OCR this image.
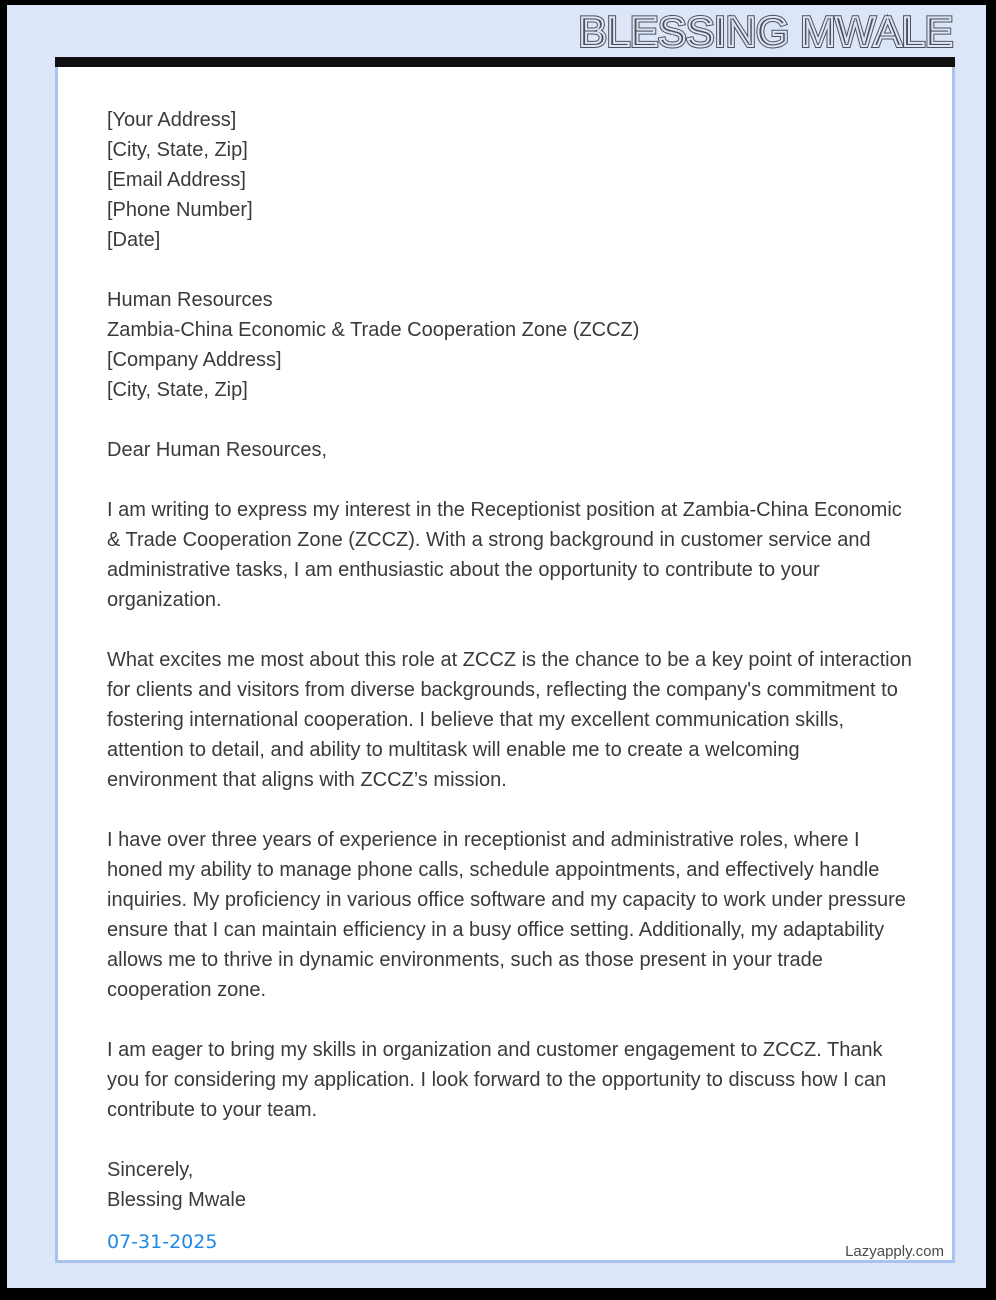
BLESSING MWALE BLESSING MWALE
[Your Address]
[City, State, Zip]
[Email Address]
[Phone Number]
[Date]
Human Resources
Zambia-China Economic & Trade Cooperation Zone (ZCCZ)
[Company Address]
[City, State, Zip]
Dear Human Resources,

I am writing to express my interest in the Receptionist position at Zambia-China Economic & Trade Cooperation Zone (ZCCZ). With a strong background in customer service and administrative tasks, I am enthusiastic about the opportunity to contribute to your organization.

What excites me most about this role at ZCCZ is the chance to be a key point of interaction for clients and visitors from diverse backgrounds, reflecting the company's commitment to fostering international cooperation. I believe that my excellent communication skills, attention to detail, and ability to multitask will enable me to create a welcoming environment that aligns with ZCCZ’s mission.

I have over three years of experience in receptionist and administrative roles, where I honed my ability to manage phone calls, schedule appointments, and effectively handle inquiries. My proficiency in various office software and my capacity to work under pressure ensure that I can maintain efficiency in a busy office setting. Additionally, my adaptability allows me to thrive in dynamic environments, such as those present in your trade cooperation zone.

I am eager to bring my skills in organization and customer engagement to ZCCZ. Thank you for considering my application. I look forward to the opportunity to discuss how I can contribute to your team.

Sincerely,
Blessing Mwale
07-31-2025	Lazyapply.com
